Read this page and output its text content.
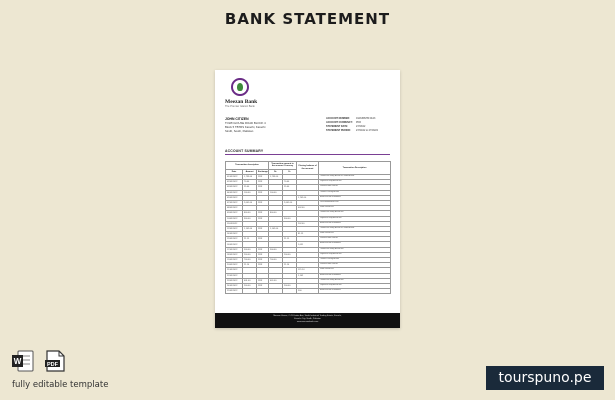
BANK STATEMENT
Meezan Bank
The Premier Islamic Bank
JOHN CITIZEN
TOWN HOUSE ROAD BLOCK 4
Block 5 TBTRS Karachi, Karachi
Sindh, South, Pakistan
ACCOUNT NUMBER:	0123456789 0123
ACCOUNT CURRENCY: PKR
STATEMENT DATE:	27/03/22
STATEMENT PERIOD: 27/02/22 to 27/03/22
ACCOUNT SUMMARY
Transaction description			Transaction amount in the account Currency		Closing balance of the account	Transaction Description
Date	Amount	Exchange	Dr.	Cr.		
01/03/2022	1,733.00	PKR	1,733.00			Transfer from Salary Account to Current Account
02/03/2022	70.00	PKR		70.00		Payment to Utility Account Ref
03/03/2022	25.00	PKR		25.00		Purchase Debit Card Ref
04/03/2022	100.00	PKR	100.00			Transfer to Saving Account
05/03/2022					1,702.00	Balance on date of statement
07/03/2022	2,001.00	PKR		2,001.00		Cash Withdrawal ATM Ref
08/03/2022					402.00	Funds Transfer Ref
09/03/2022	800.00	PKR	800.00			Transfer from Salary Account Ref
10/03/2022	300.00	PKR		300.00		Payment to Utility Account Ref
11/03/2022					202.00	Balance on date of statement
12/03/2022	1,102.00	PKR	1,102.00			Transfer from Salary Account to Current Account
14/03/2022					81.15	Funds Transfer Ref
15/03/2022	21.15	PKR		21.15		Purchase Debit Card Ref
16/03/2022					1,051	Balance on date of statement
17/03/2022	500.00	PKR	500.00			Transfer from Salary Account Ref
18/03/2022	200.00	PKR		200.00		Payment to Utility Account Ref
19/03/2022	700.00	PKR	700.00			Transfer to Saving Account
20/03/2022	21.14	PKR		21.14		Purchase Debit Card Ref
21/03/2022					121.14	Funds Transfer Ref
22/03/2022					1,102	Balance on date of statement
23/03/2022	401.00	PKR	401.00			Transfer from Salary Account Ref
24/03/2022	200.00	PKR		200.00		Payment to Utility Account Ref
25/03/2022					500	Balance on date of statement
Meezan House, C-25 Estate Ave, Sindh Industrial Trading Estate, Karachi,
Karachi City, Sindh, Pakistan
www.meezanbank.com
W	PDF
fully editable template	tourspuno.pe
